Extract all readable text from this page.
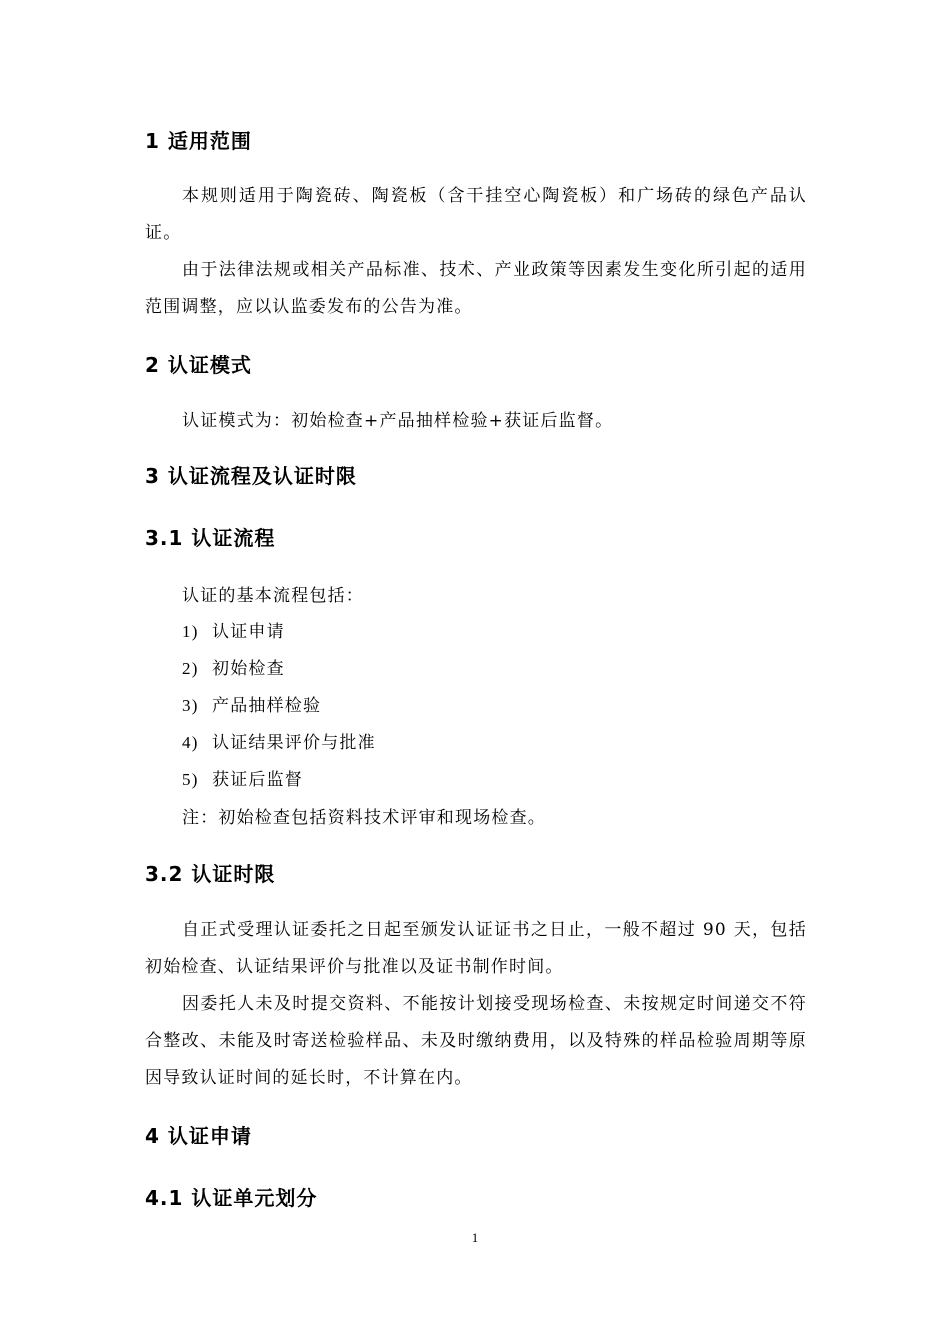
1 适用范围
本规则适用于陶瓷砖、陶瓷板（含干挂空心陶瓷板）和广场砖的绿色产品认证。
由于法律法规或相关产品标准、技术、产业政策等因素发生变化所引起的适用范围调整，应以认监委发布的公告为准。
2 认证模式
认证模式为：初始检查+产品抽样检验+获证后监督。
3 认证流程及认证时限
3.1 认证流程
认证的基本流程包括：
1) 认证申请
2) 初始检查
3) 产品抽样检验
4) 认证结果评价与批准
5) 获证后监督
注：初始检查包括资料技术评审和现场检查。
3.2 认证时限
自正式受理认证委托之日起至颁发认证证书之日止，一般不超过 90 天，包括初始检查、认证结果评价与批准以及证书制作时间。
因委托人未及时提交资料、不能按计划接受现场检查、未按规定时间递交不符合整改、未能及时寄送检验样品、未及时缴纳费用，以及特殊的样品检验周期等原因导致认证时间的延长时，不计算在内。
4 认证申请
4.1 认证单元划分
1
